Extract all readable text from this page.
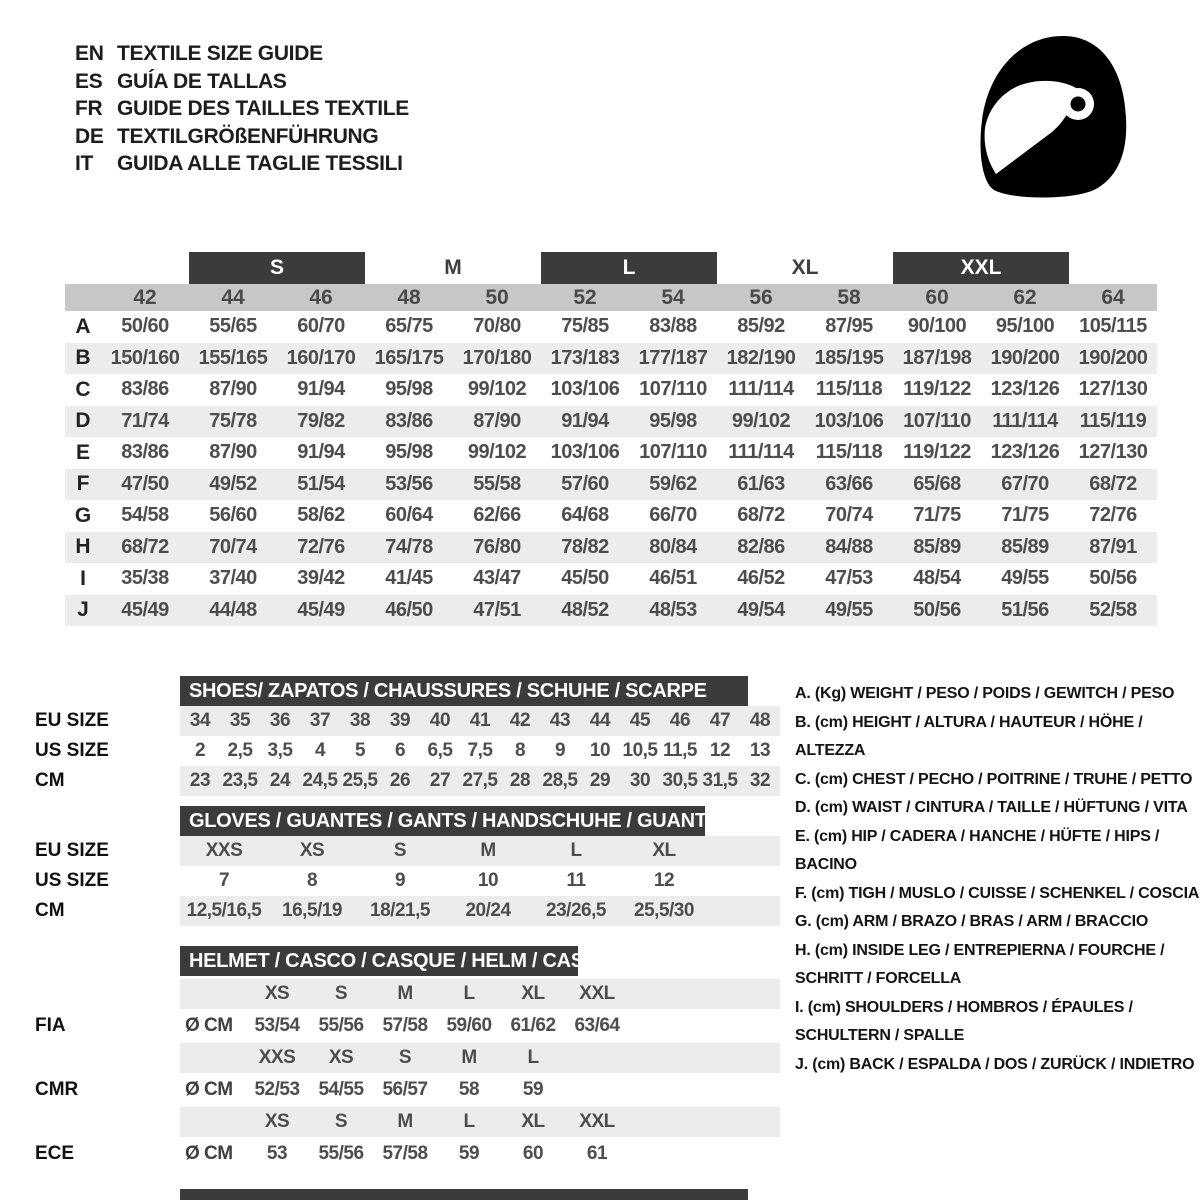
EN TEXTILE SIZE GUIDE
ES GUÍA DE TALLAS
FR GUIDE DES TAILLES TEXTILE
DE TEXTILGRÖßENFÜHRUNG
IT	GUIDA ALLE TAGLIE TESSILI
S	M	L	XL	XXL
42	44	46	48	50	52	54	56	58	60	62	64
A	50/60	55/65	60/70	65/75	70/80	75/85	83/88	85/92	87/95	90/100	95/100	105/115
B	150/160 155/165 160/170 165/175 170/180 173/183 177/187 182/190 185/195 187/198 190/200 190/200
C	83/86	87/90	91/94	95/98	99/102	103/106 107/110	111/114	115/118	119/122 123/126 127/130
D	71/74	75/78	79/82	83/86	87/90	91/94	95/98	99/102	103/106 107/110	111/114	115/119
E	83/86	87/90	91/94	95/98	99/102	103/106 107/110	111/114	115/118	119/122 123/126 127/130
F	47/50	49/52	51/54	53/56	55/58	57/60	59/62	61/63	63/66	65/68	67/70	68/72
G	54/58	56/60	58/62	60/64	62/66	64/68	66/70	68/72	70/74	71/75	71/75	72/76
H	68/72	70/74	72/76	74/78	76/80	78/82	80/84	82/86	84/88	85/89	85/89	87/91
I	35/38	37/40	39/42	41/45	43/47	45/50	46/51	46/52	47/53	48/54	49/55	50/56
J	45/49	44/48	45/49	46/50	47/51	48/52	48/53	49/54	49/55	50/56	51/56	52/58
SHOES/ ZAPATOS / CHAUSSURES / SCHUHE / SCARPE
EU SIZE	34	35	36	37	38	39	40	41	42	43	44	45	46	47	48
US SIZE	2	2,5 3,5	4	5	6	6,5 7,5	8	9	10 10,5 11,5 12	13
CM	23 23,5 24 24,5 25,5 26	27 27,5 28 28,5 29	30 30,5 31,5 32
GLOVES / GUANTES / GANTS / HANDSCHUHE / GUANTI
EU SIZE	XXS	XS	S	M	L	XL
US SIZE	7	8	9	10	11	12
CM	12,5/16,5	16,5/19	18/21,5	20/24	23/26,5	25,5/30
HELMET / CASCO / CASQUE / HELM / CASCO
XS	S	M	L	XL	XXL
FIA	Ø CM	53/54 55/56 57/58 59/60 61/62 63/64
XXS	XS	S	M	L
CMR	Ø CM	52/53 54/55 56/57	58	59
XS	S	M	L	XL	XXL
ECE	Ø CM	53	55/56 57/58	59	60	61
A. (Kg) WEIGHT / PESO / POIDS / GEWITCH / PESO
B. (cm) HEIGHT / ALTURA / HAUTEUR / HÖHE / ALTEZZA
C. (cm) CHEST / PECHO / POITRINE / TRUHE / PETTO
D. (cm) WAIST / CINTURA / TAILLE / HÜFTUNG / VITA
E. (cm) HIP / CADERA / HANCHE / HÜFTE / HIPS / BACINO
F. (cm) TIGH / MUSLO / CUISSE / SCHENKEL / COSCIA
G. (cm) ARM / BRAZO / BRAS / ARM / BRACCIO
H. (cm) INSIDE LEG / ENTREPIERNA / FOURCHE / SCHRITT / FORCELLA
I. (cm) SHOULDERS / HOMBROS / ÉPAULES / SCHULTERN / SPALLE
J. (cm) BACK / ESPALDA / DOS / ZURÜCK / INDIETRO
